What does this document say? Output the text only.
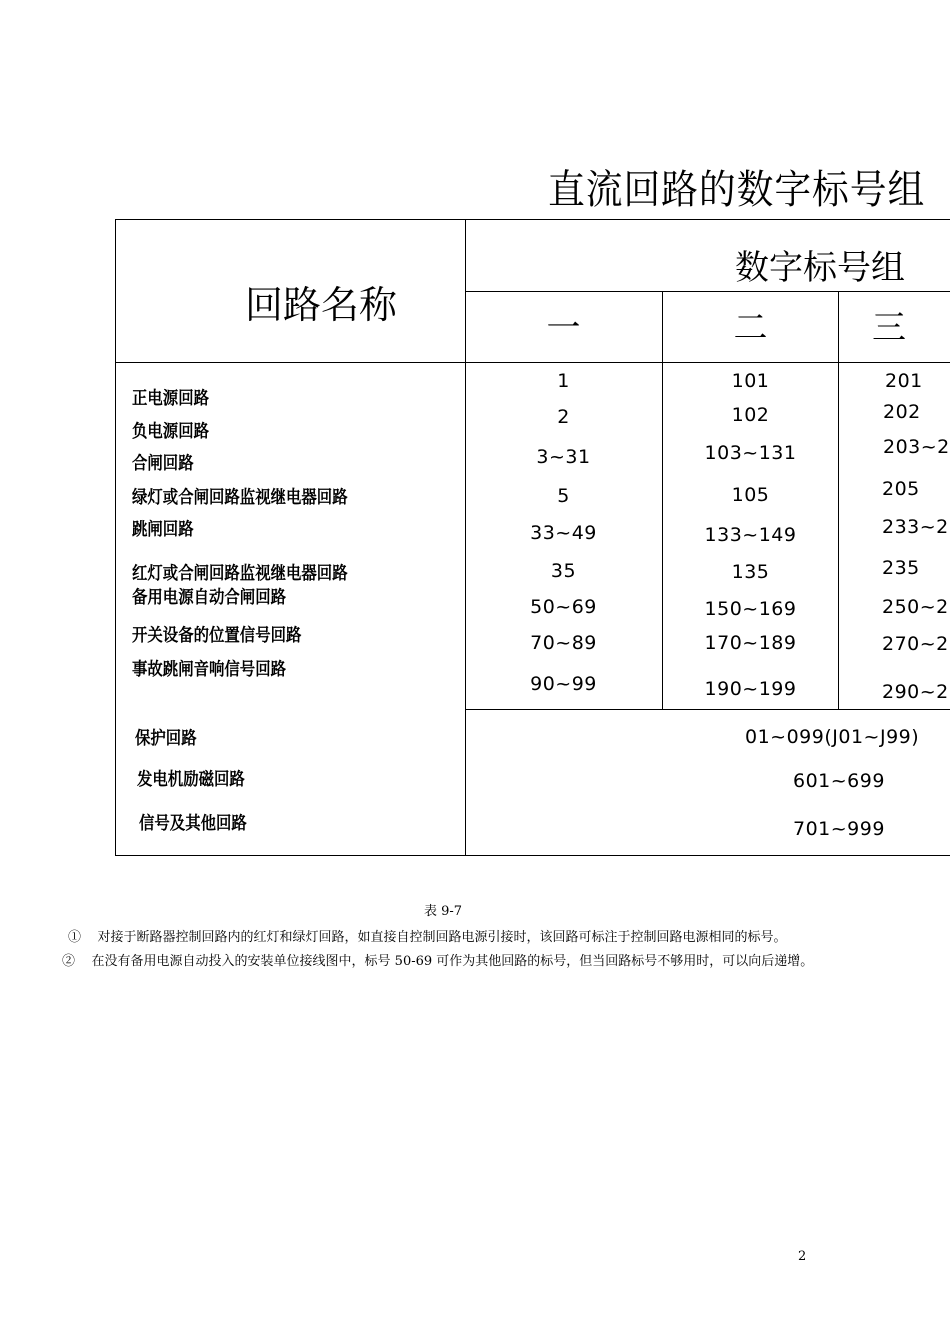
直流回路的数字标号组
回路名称
数字标号组
一	二	三
正电源回路
负电源回路
合闸回路
绿灯或合闸回路监视继电器回路
跳闸回路
红灯或合闸回路监视继电器回路
备用电源自动合闸回路
开关设备的位置信号回路
事故跳闸音响信号回路
1
2
3~31
5
33~49
35
50~69
70~89
90~99
101
102
103~131
105
133~149
135
150~169
170~189
190~199
201
202
203~2
205
233~2
235
250~2
270~2
290~2
保护回路
发电机励磁回路
信号及其他回路
01~099(J01~J99)
601~699
701~999
表 9-7
① 对接于断路器控制回路内的红灯和绿灯回路，如直接自控制回路电源引接时，该回路可标注于控制回路电源相同的标号。
② 在没有备用电源自动投入的安装单位接线图中，标号 50-69 可作为其他回路的标号，但当回路标号不够用时，可以向后递增。
2
